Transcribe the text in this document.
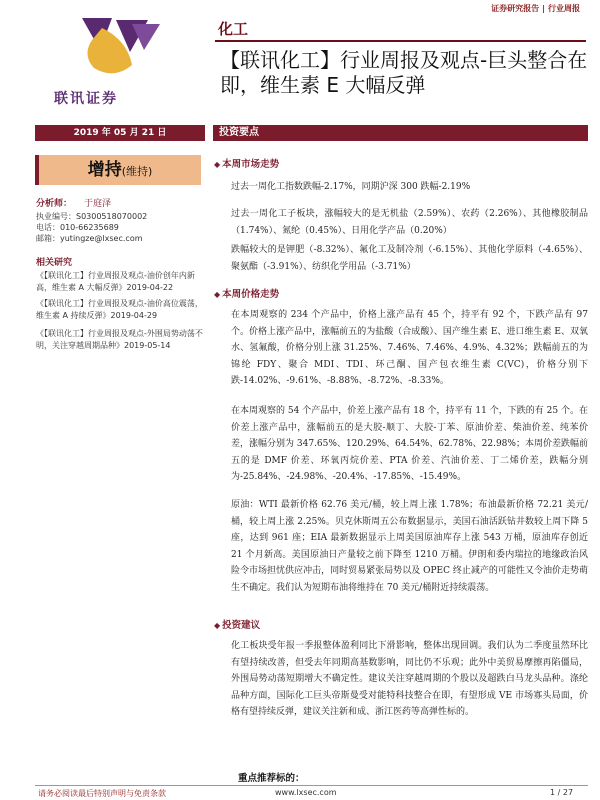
证券研究报告 | 行业周报
联讯证券
化工
【联讯化工】行业周报及观点-巨头整合在即，维生素 E 大幅反弹
2019 年 05 月 21 日	投资要点
增持(维持)
分析师： 于庭泽
执业编号：S0300518070002
电话：010-66235689
邮箱：yutingze@lxsec.com
相关研究
《【联讯化工】行业周报及观点-油价创年内新高，维生素 A 大幅反弹》2019-04-22
《【联讯化工】行业周报及观点-油价高位震荡，维生素 A 持续反弹》2019-04-29
《【联讯化工】行业周报及观点-外围局势动荡不明，关注穿越周期品种》2019-05-14
◆ 本周市场走势
过去一周化工指数跌幅-2.17%，同期沪深 300 跌幅-2.19%
过去一周化工子板块，涨幅较大的是无机盐（2.59%）、农药（2.26%）、其他橡胶制品（1.74%）、氮纶（0.45%）、日用化学产品（0.20%）
跌幅较大的是钾肥（-8.32%）、氟化工及制冷剂（-6.15%）、其他化学原料（-4.65%）、聚氨酯（-3.91%）、纺织化学用品（-3.71%）
◆ 本周价格走势
在本周观察的 234 个产品中，价格上涨产品有 45 个，持平有 92 个，下跌产品有 97 个。价格上涨产品中，涨幅前五的为盐酸（合成酸）、国产维生素 E、进口维生素 E、双氧水、氢氟酸，价格分别上涨 31.25%、7.46%、7.46%、4.9%、4.32%；跌幅前五的为锦纶 FDY、聚合 MDI、TDI、环己酮、国产包衣维生素 C(VC)，价格分别下跌-14.02%、-9.61%、-8.88%、-8.72%、-8.33%。
在本周观察的 54 个产品中，价差上涨产品有 18 个，持平有 11 个，下跌的有 25 个。在价差上涨产品中，涨幅前五的是大胶-顺丁、大胶-丁苯、原油价差、柴油价差、纯苯价差，涨幅分别为 347.65%、120.29%、64.54%、62.78%、22.98%；本周价差跌幅前五的是 DMF 价差、环氧丙烷价差、PTA 价差、汽油价差、丁二烯价差，跌幅分别为-25.84%、-24.98%、-20.4%、-17.85%、-15.49%。
原油：WTI 最新价格 62.76 美元/桶，较上周上涨 1.78%；布油最新价格 72.21 美元/桶，较上周上涨 2.25%。贝克休斯周五公布数据显示，美国石油活跃钻井数较上周下降 5 座，达到 961 座；EIA 最新数据显示上周美国原油库存上涨 543 万桶，原油库存创近 21 个月新高。美国原油日产量较之前下降至 1210 万桶。伊朗和委内瑞拉的地缘政治风险令市场担忧供应冲击，同时贸易紧张局势以及 OPEC 终止减产的可能性又令油价走势萌生不确定。我们认为短期布油将维持在 70 美元/桶附近持续震荡。
◆ 投资建议
化工板块受年报一季报整体盈利同比下滑影响，整体出现回调。我们认为二季度虽然环比有望持续改善，但受去年同期高基数影响，同比仍不乐观；此外中美贸易摩擦再陷僵局，外围局势动荡短期增大不确定性。建议关注穿越周期的个股以及超跌白马龙头品种。涤纶品种方面，国际化工巨头帝斯曼受对能特科技整合在即，有望形成 VE 市场寡头局面，价格有望持续反弹，建议关注新和成、浙江医药等高弹性标的。
重点推荐标的：
请务必阅读最后特别声明与免责条款	www.lxsec.com	1 / 27
